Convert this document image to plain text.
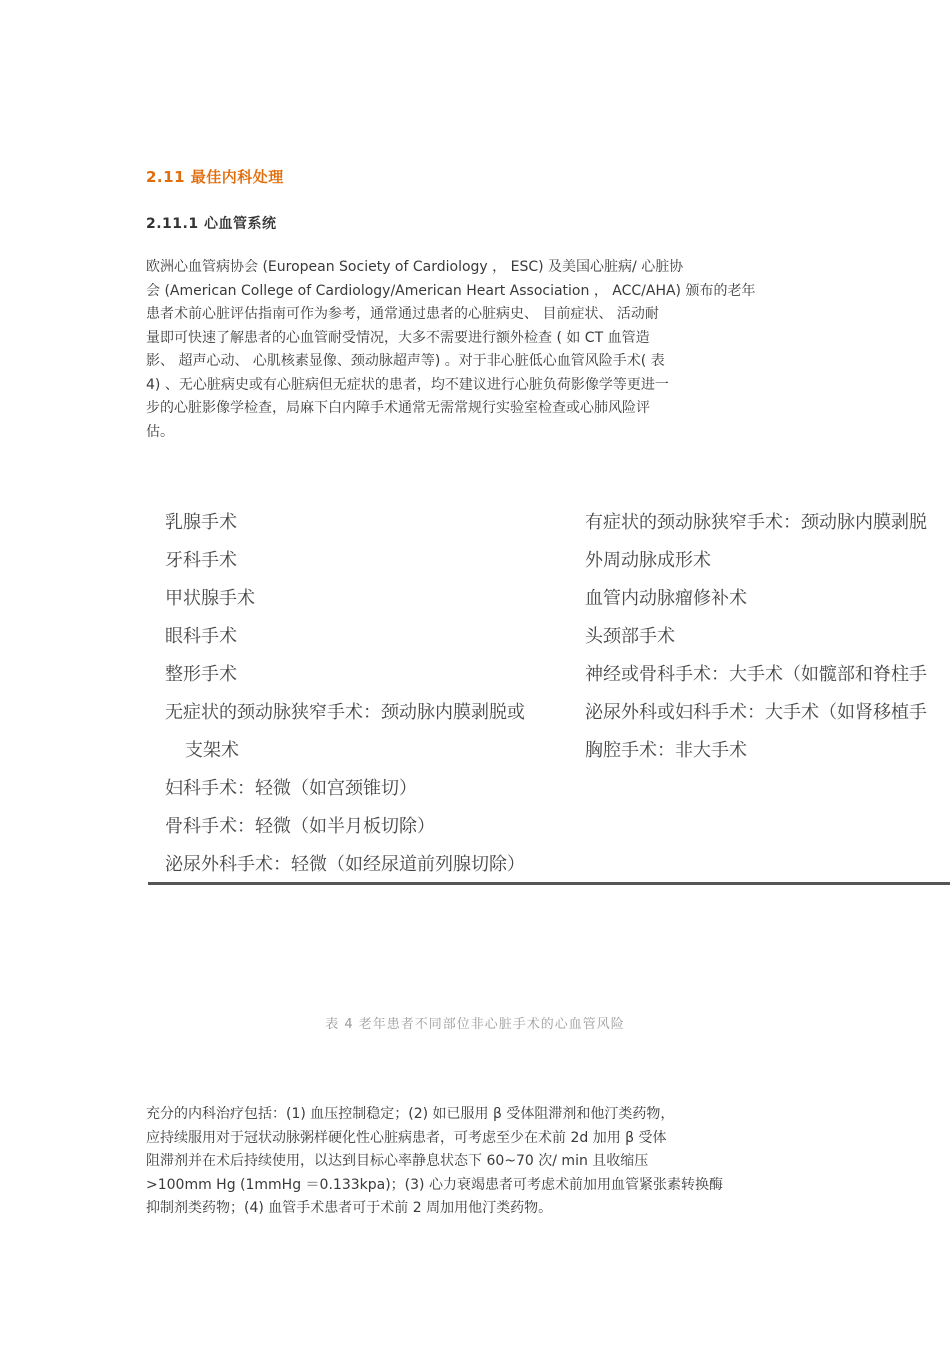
2.11 最佳内科处理
2.11.1 心血管系统

欧洲心血管病协会 (European Society of Cardiology ， ESC) 及美国心脏病/ 心脏协

会 (American College of Cardiology/American Heart Association ， ACC/AHA) 颁布的老年

患者术前心脏评估指南可作为参考，通常通过患者的心脏病史、 目前症状、 活动耐

量即可快速了解患者的心血管耐受情况，大多不需要进行额外检查 ( 如 CT 血管造

影、 超声心动、 心肌核素显像、颈动脉超声等) 。对于非心脏低心血管风险手术( 表

4) 、无心脏病史或有心脏病但无症状的患者，均不建议进行心脏负荷影像学等更进一

步的心脏影像学检查，局麻下白内障手术通常无需常规行实验室检查或心肺风险评

估。

乳腺手术
牙科手术
甲状腺手术
眼科手术
整形手术
无症状的颈动脉狭窄手术：颈动脉内膜剥脱或
支架术
妇科手术：轻微（如宫颈锥切）
骨科手术：轻微（如半月板切除）
泌尿外科手术：轻微（如经尿道前列腺切除）
有症状的颈动脉狭窄手术：颈动脉内膜剥脱
外周动脉成形术
血管内动脉瘤修补术
头颈部手术
神经或骨科手术：大手术（如髋部和脊柱手
泌尿外科或妇科手术：大手术（如肾移植手
胸腔手术：非大手术

表 4 老年患者不同部位非心脏手术的心血管风险

充分的内科治疗包括：(1) 血压控制稳定；(2) 如已服用 β 受体阻滞剂和他汀类药物，

应持续服用对于冠状动脉粥样硬化性心脏病患者，可考虑至少在术前 2d 加用 β 受体

阻滞剂并在术后持续使用，以达到目标心率静息状态下 60~70 次/ min 且收缩压

>100mm Hg (1mmHg ＝0.133kpa)；(3) 心力衰竭患者可考虑术前加用血管紧张素转换酶

抑制剂类药物；(4) 血管手术患者可于术前 2 周加用他汀类药物。
